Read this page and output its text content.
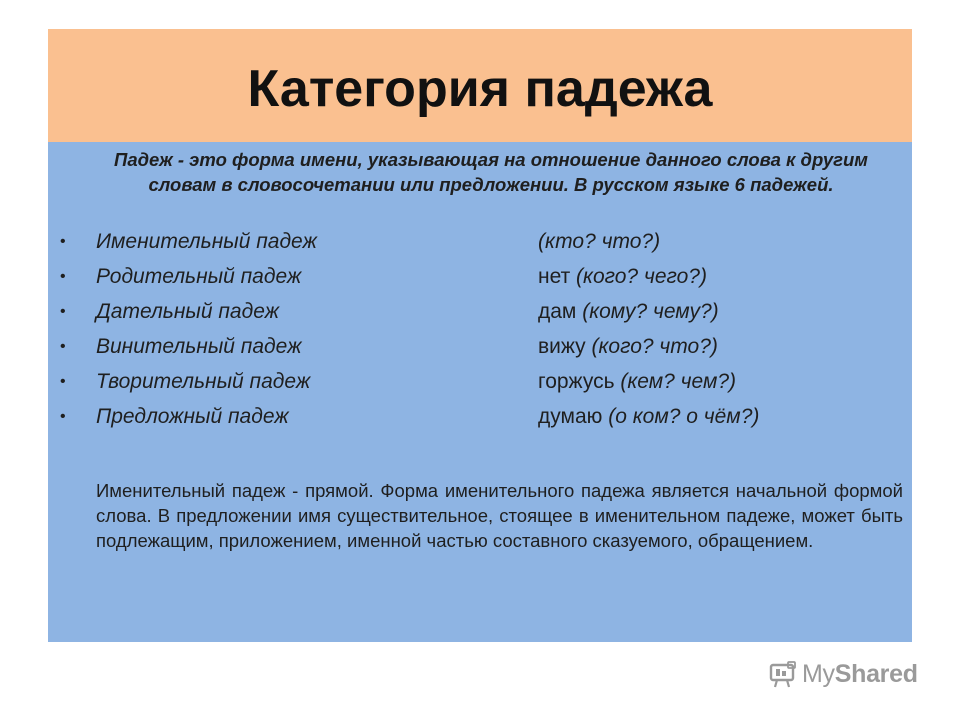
Категория падежа
Падеж - это форма имени, указывающая на отношение данного слова к другим словам в словосочетании или предложении. В русском языке 6 падежей.
• Именительный падеж	(кто? что?)
• Родительный падеж	нет (кого? чего?)
• Дательный падеж	дам (кому? чему?)
• Винительный падеж	вижу (кого? что?)
• Творительный падеж	горжусь (кем? чем?)
• Предложный падеж	думаю (о ком? о чём?)
Именительный падеж - прямой. Форма именительного падежа является начальной формой слова. В предложении имя существительное, стоящее в именительном падеже, может быть подлежащим, приложением, именной частью составного сказуемого, обращением.
MyShared
